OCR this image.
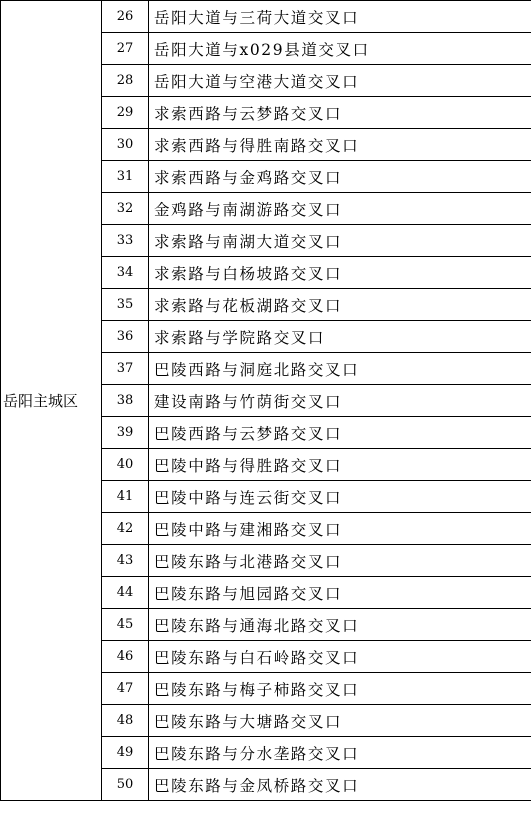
岳阳主城区	26	岳阳大道与三荷大道交叉口
	27	岳阳大道与x029县道交叉口
	28	岳阳大道与空港大道交叉口
	29	求索西路与云梦路交叉口
	30	求索西路与得胜南路交叉口
	31	求索西路与金鸡路交叉口
	32	金鸡路与南湖游路交叉口
	33	求索路与南湖大道交叉口
	34	求索路与白杨坡路交叉口
	35	求索路与花板湖路交叉口
	36	求索路与学院路交叉口
	37	巴陵西路与洞庭北路交叉口
	38	建设南路与竹荫街交叉口
	39	巴陵西路与云梦路交叉口
	40	巴陵中路与得胜路交叉口
	41	巴陵中路与连云街交叉口
	42	巴陵中路与建湘路交叉口
	43	巴陵东路与北港路交叉口
	44	巴陵东路与旭园路交叉口
	45	巴陵东路与通海北路交叉口
	46	巴陵东路与白石岭路交叉口
	47	巴陵东路与梅子柿路交叉口
	48	巴陵东路与大塘路交叉口
	49	巴陵东路与分水垄路交叉口
	50	巴陵东路与金凤桥路交叉口
